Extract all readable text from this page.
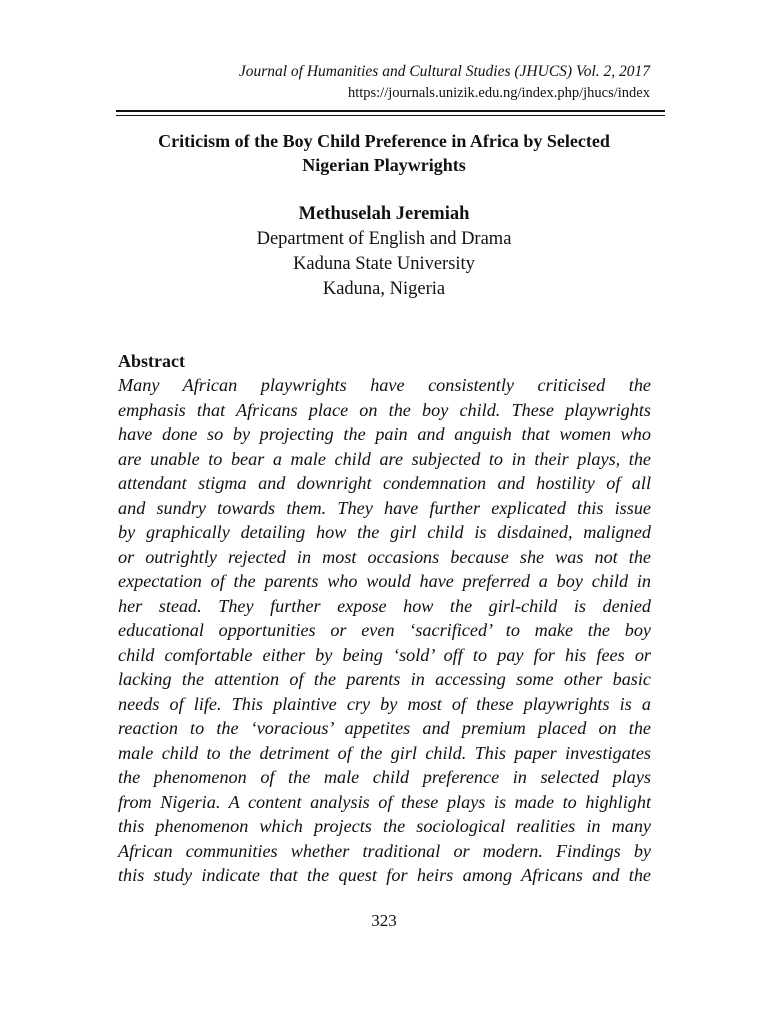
Journal of Humanities and Cultural Studies (JHUCS) Vol. 2, 2017
https://journals.unizik.edu.ng/index.php/jhucs/index
Criticism of the Boy Child Preference in Africa by Selected
Nigerian Playwrights
Methuselah Jeremiah
Department of English and Drama
Kaduna State University
Kaduna, Nigeria
Abstract
Many African playwrights have consistently criticised the
emphasis that Africans place on the boy child. These playwrights
have done so by projecting the pain and anguish that women who
are unable to bear a male child are subjected to in their plays, the
attendant stigma and downright condemnation and hostility of all
and sundry towards them. They have further explicated this issue
by graphically detailing how the girl child is disdained, maligned
or outrightly rejected in most occasions because she was not the
expectation of the parents who would have preferred a boy child in
her stead. They further expose how the girl-child is denied
educational opportunities or even ‘sacrificed’ to make the boy
child comfortable either by being ‘sold’ off to pay for his fees or
lacking the attention of the parents in accessing some other basic
needs of life. This plaintive cry by most of these playwrights is a
reaction to the ‘voracious’ appetites and premium placed on the
male child to the detriment of the girl child. This paper investigates
the phenomenon of the male child preference in selected plays
from Nigeria. A content analysis of these plays is made to highlight
this phenomenon which projects the sociological realities in many
African communities whether traditional or modern. Findings by
this study indicate that the quest for heirs among Africans and the
323
